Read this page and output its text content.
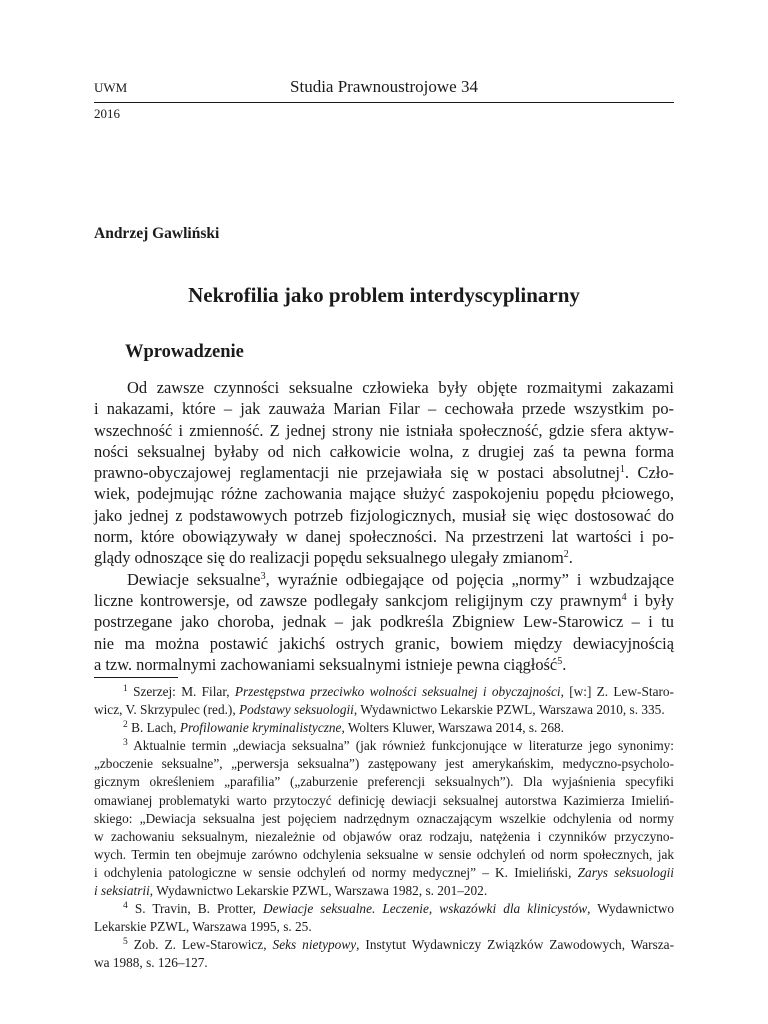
UWM	Studia Prawnoustrojowe 34
2016
Andrzej Gawliński
Nekrofilia jako problem interdyscyplinarny
Wprowadzenie
Od zawsze czynności seksualne człowieka były objęte rozmaitymi zakazami
i nakazami, które – jak zauważa Marian Filar – cechowała przede wszystkim po-
wszechność i zmienność. Z jednej strony nie istniała społeczność, gdzie sfera aktyw-
ności seksualnej byłaby od nich całkowicie wolna, z drugiej zaś ta pewna forma
prawno-obyczajowej reglamentacji nie przejawiała się w postaci absolutnej$^1$. Czło-
wiek, podejmując różne zachowania mające służyć zaspokojeniu popędu płciowego,
jako jednej z podstawowych potrzeb fizjologicznych, musiał się więc dostosować do
norm, które obowiązywały w danej społeczności. Na przestrzeni lat wartości i po-
glądy odnoszące się do realizacji popędu seksualnego ulegały zmianom$^2$.
Dewiacje seksualne$^3$, wyraźnie odbiegające od pojęcia „normy” i wzbudzające
liczne kontrowersje, od zawsze podlegały sankcjom religijnym czy prawnym$^4$ i były
postrzegane jako choroba, jednak – jak podkreśla Zbigniew Lew-Starowicz – i tu
nie ma można postawić jakichś ostrych granic, bowiem między dewiacyjnością
a tzw. normalnymi zachowaniami seksualnymi istnieje pewna ciągłość$^5$.
$^1$ Szerzej: M. Filar, Przestępstwa przeciwko wolności seksualnej i obyczajności, [w:] Z. Lew-Staro-
wicz, V. Skrzypulec (red.), Podstawy seksuologii, Wydawnictwo Lekarskie PZWL, Warszawa 2010, s. 335.
$^2$ B. Lach, Profilowanie kryminalistyczne, Wolters Kluwer, Warszawa 2014, s. 268.
$^3$ Aktualnie termin „dewiacja seksualna” (jak również funkcjonujące w literaturze jego synonimy:
„zboczenie seksualne”, „perwersja seksualna”) zastępowany jest amerykańskim, medyczno-psycholo-
gicznym określeniem „parafilia” („zaburzenie preferencji seksualnych”). Dla wyjaśnienia specyfiki
omawianej problematyki warto przytoczyć definicję dewiacji seksualnej autorstwa Kazimierza Imieliń-
skiego: „Dewiacja seksualna jest pojęciem nadrzędnym oznaczającym wszelkie odchylenia od normy
w zachowaniu seksualnym, niezależnie od objawów oraz rodzaju, natężenia i czynników przyczyno-
wych. Termin ten obejmuje zarówno odchylenia seksualne w sensie odchyleń od norm społecznych, jak
i odchylenia patologiczne w sensie odchyleń od normy medycznej” – K. Imieliński, Zarys seksuologii
i seksiatrii, Wydawnictwo Lekarskie PZWL, Warszawa 1982, s. 201–202.
$^4$ S. Travin, B. Protter, Dewiacje seksualne. Leczenie, wskazówki dla klinicystów, Wydawnictwo
Lekarskie PZWL, Warszawa 1995, s. 25.
$^5$ Zob. Z. Lew-Starowicz, Seks nietypowy, Instytut Wydawniczy Związków Zawodowych, Warsza-
wa 1988, s. 126–127.
